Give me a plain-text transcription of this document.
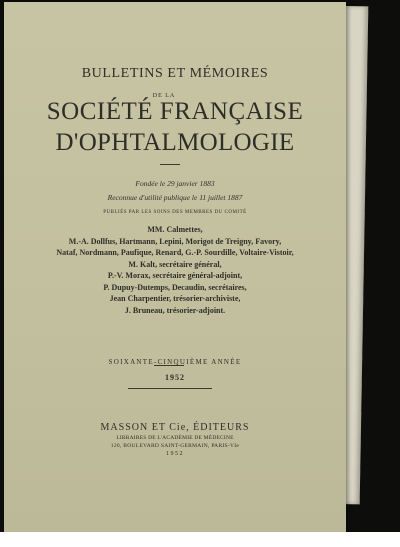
BULLETINS ET MÉMOIRES
DE LA
SOCIÉTÉ FRANÇAISE
D'OPHTALMOLOGIE
Fondée le 29 janvier 1883
Reconnue d'utilité publique le 11 juillet 1887
PUBLIÉS PAR LES SOINS DES MEMBRES DU COMITÉ
MM. Calmettes,
M.-A. Dollfus, Hartmann, Lepini, Morigot de Treigny, Favory,
Nataf, Nordmann, Paufique, Renard, G.-P. Sourdille, Voltaire-Vistoir,
M. Kalt, secrétaire général,
P.-V. Morax, secrétaire général-adjoint,
P. Dupuy-Dutemps, Decaudin, secrétaires,
Jean Charpentier, trésorier-archiviste,
J. Bruneau, trésorier-adjoint.
SOIXANTE-CINQUIÈME ANNÉE
1952
MASSON ET Cie, ÉDITEURS
LIBRAIRES DE L'ACADÉMIE DE MÉDECINE
120, BOULEVARD SAINT-GERMAIN, PARIS-VIe
1952
